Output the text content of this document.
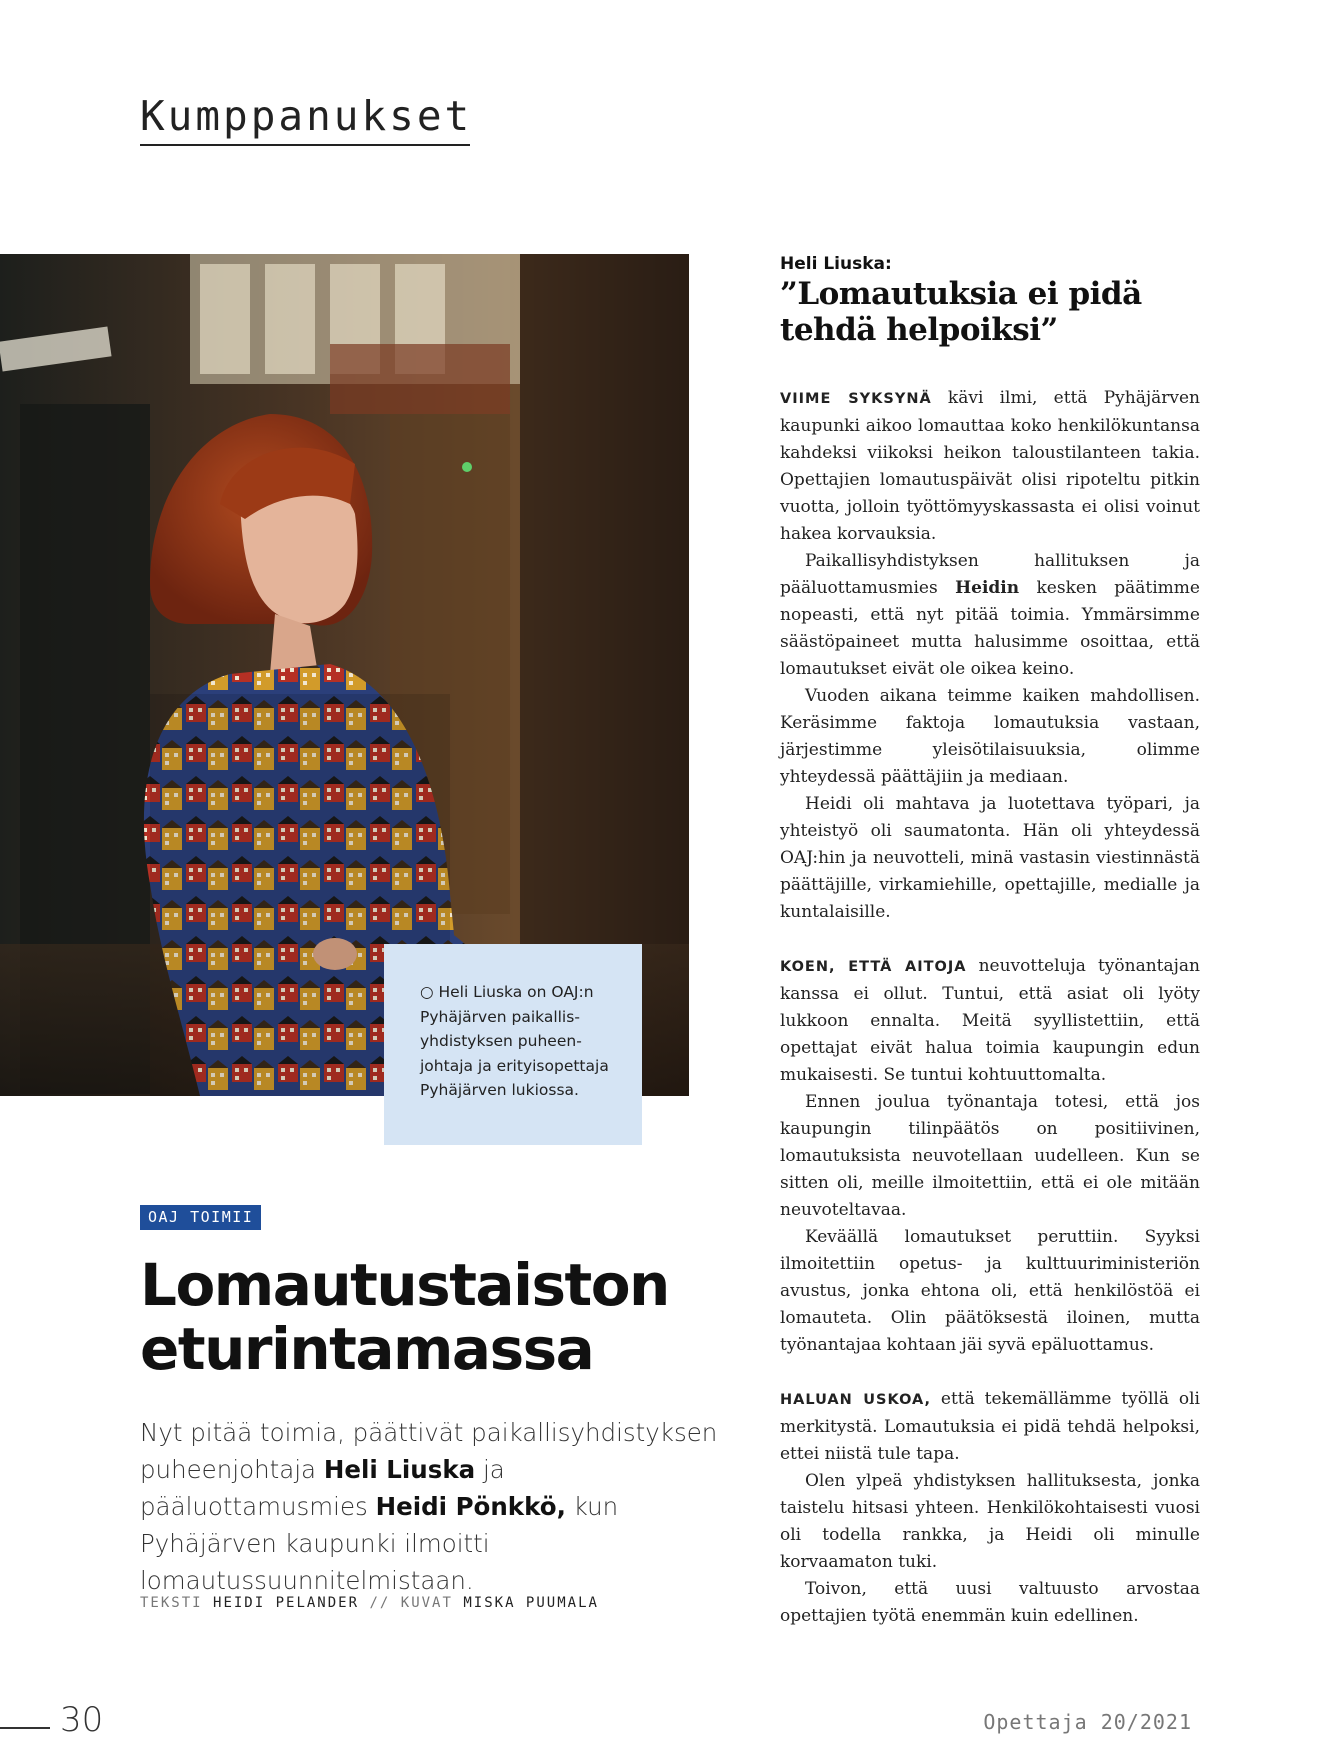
Kumppanukset
○ Heli Liuska on OAJ:n
Pyhäjärven paikallis-
yhdistyksen puheen-
johtaja ja erityisopettaja
Pyhäjärven lukiossa.
OAJ TOIMII
Lomautustaiston
eturintamassa
Nyt pitää toimia, päättivät paikallisyhdistyksen puheenjohtaja Heli Liuska ja pääluottamusmies Heidi Pönkkö, kun Pyhäjärven kaupunki ilmoitti lomautussuunnitelmistaan.
TEKSTI HEIDI PELANDER // KUVAT MISKA PUUMALA
Heli Liuska:
”Lomautuksia ei pidä tehdä helpoiksi”

VIIME SYKSYNÄ kävi ilmi, että Pyhäjärven kaupunki aikoo lomauttaa koko henkilökuntansa kahdeksi viikoksi heikon taloustilanteen takia. Opettajien lomautuspäivät olisi ripoteltu pitkin vuotta, jolloin työttömyyskassasta ei olisi voinut hakea korvauksia.

Paikallisyhdistyksen hallituksen ja pääluottamusmies Heidin kesken päätimme nopeasti, että nyt pitää toimia. Ymmärsimme säästöpaineet mutta halusimme osoittaa, että lomautukset eivät ole oikea keino.

Vuoden aikana teimme kaiken mahdollisen. Keräsimme faktoja lomautuksia vastaan, järjestimme yleisötilaisuuksia, olimme yhteydessä päättäjiin ja mediaan.

Heidi oli mahtava ja luotettava työpari, ja yhteistyö oli saumatonta. Hän oli yhteydessä OAJ:hin ja neuvotteli, minä vastasin viestinnästä päättäjille, virkamiehille, opettajille, medialle ja kuntalaisille.

KOEN, ETTÄ AITOJA neuvotteluja työnantajan kanssa ei ollut. Tuntui, että asiat oli lyöty lukkoon ennalta. Meitä syyllistettiin, että opettajat eivät halua toimia kaupungin edun mukaisesti. Se tuntui kohtuuttomalta.

Ennen joulua työnantaja totesi, että jos kaupungin tilinpäätös on positiivinen, lomautuksista neuvotellaan uudelleen. Kun se sitten oli, meille ilmoitettiin, että ei ole mitään neuvoteltavaa.

Keväällä lomautukset peruttiin. Syyksi ilmoitettiin opetus- ja kulttuuriministeriön avustus, jonka ehtona oli, että henkilöstöä ei lomauteta. Olin päätöksestä iloinen, mutta työnantajaa kohtaan jäi syvä epäluottamus.

HALUAN USKOA, että tekemällämme työllä oli merkitystä. Lomautuksia ei pidä tehdä helpoksi, ettei niistä tule tapa.

Olen ylpeä yhdistyksen hallituksesta, jonka taistelu hitsasi yhteen. Henkilökohtaisesti vuosi oli todella rankka, ja Heidi oli minulle korvaamaton tuki.

Toivon, että uusi valtuusto arvostaa opettajien työtä enemmän kuin edellinen.

30	Opettaja 20/2021
